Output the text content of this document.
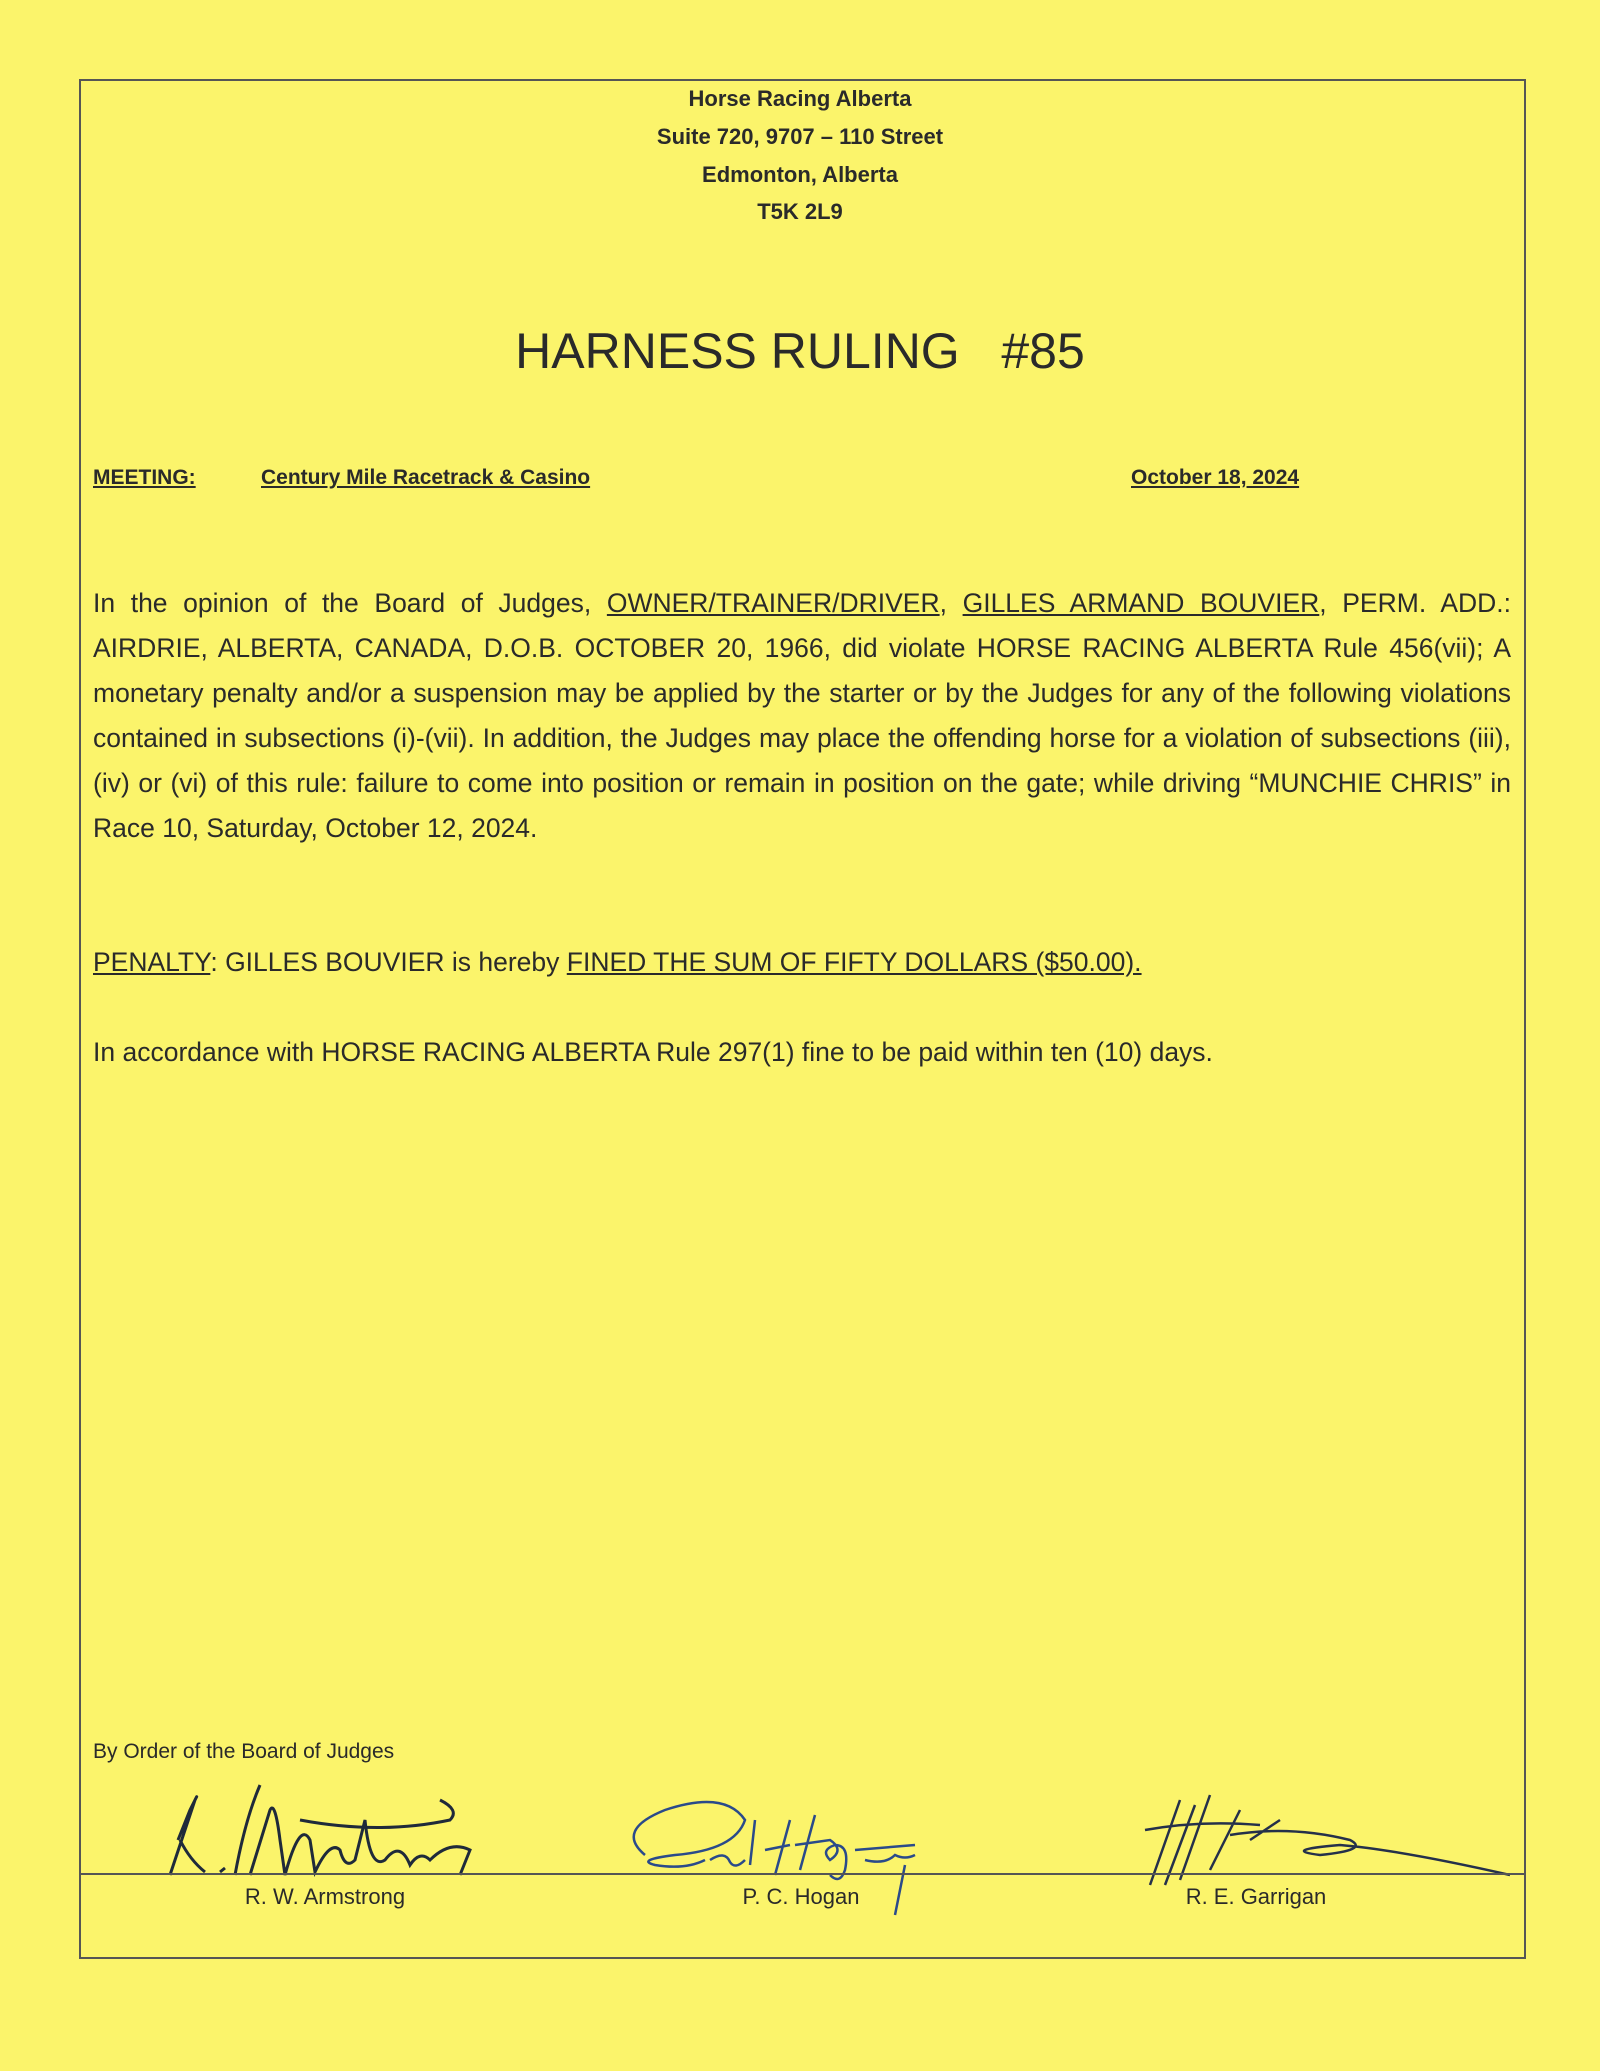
Horse Racing Alberta
Suite 720, 9707 – 110 Street
Edmonton, Alberta
T5K 2L9
HARNESS RULING   #85
MEETING:	Century Mile Racetrack & Casino	October 18, 2024
In the opinion of the Board of Judges, OWNER/TRAINER/DRIVER, GILLES ARMAND BOUVIER, PERM. ADD.: AIRDRIE, ALBERTA, CANADA, D.O.B. OCTOBER 20, 1966, did violate HORSE RACING ALBERTA Rule 456(vii); A monetary penalty and/or a suspension may be applied by the starter or by the Judges for any of the following violations contained in subsections (i)-(vii). In addition, the Judges may place the offending horse for a violation of subsections (iii), (iv) or (vi) of this rule: failure to come into position or remain in position on the gate; while driving “MUNCHIE CHRIS” in Race 10, Saturday, October 12, 2024.
PENALTY: GILLES BOUVIER is hereby FINED THE SUM OF FIFTY DOLLARS ($50.00).
In accordance with HORSE RACING ALBERTA Rule 297(1) fine to be paid within ten (10) days.
By Order of the Board of Judges
R. W. Armstrong	P. C. Hogan	R. E. Garrigan
